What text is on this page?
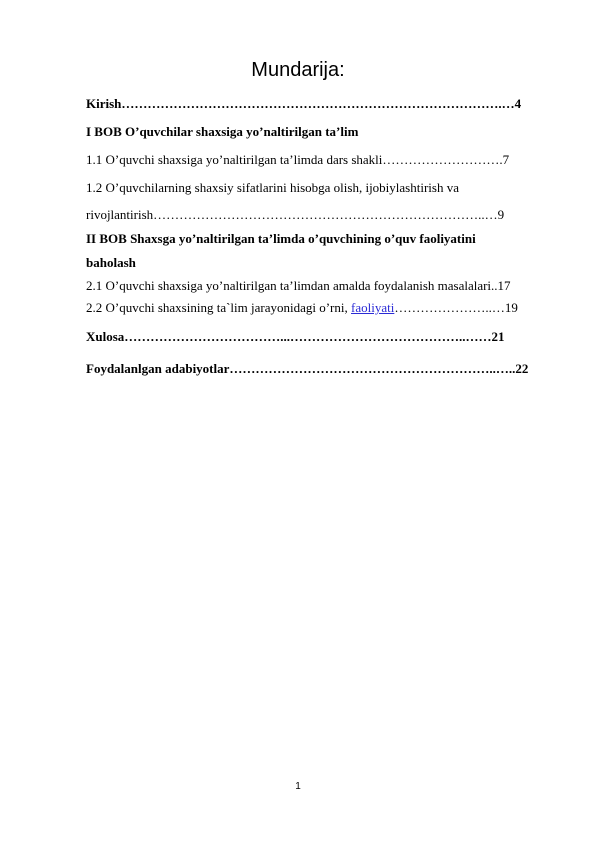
Mundarija:
Kirish…………………………………………………………………………….…4
I BOB O’quvchilar shaxsiga yo’naltirilgan ta’lim
1.1 O’quvchi shaxsiga yo’naltirilgan ta’limda dars shakli……………………….7
1.2 O’quvchilarning shaxsiy sifatlarini hisobga olish, ijobiylashtirish va
rivojlantirish…………………………………………………………………..…9
II BOB Shaxsga yo’naltirilgan ta’limda o’quvchining o’quv faoliyatini
baholash
2.1 O’quvchi shaxsiga yo’naltirilgan ta’limdan amalda foydalanish masalalari..17
2.2 O’quvchi shaxsining ta`lim jarayonidagi o’rni, faoliyati…………………..…19
Xulosa………………………………...…………………………………..……21
Foydalanlgan adabiyotlar……………………………………………………..…..22
1
